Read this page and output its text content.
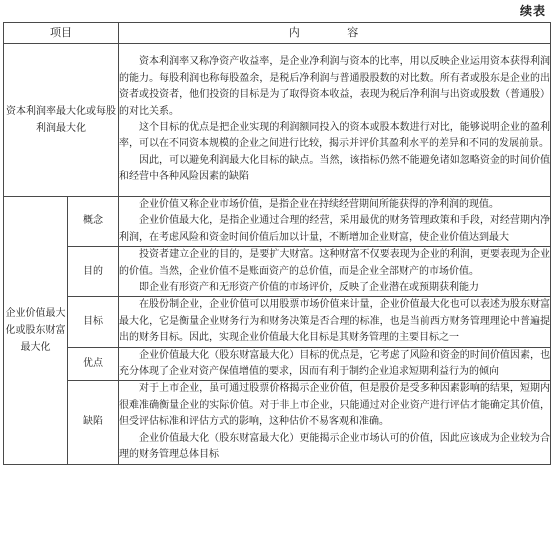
续表
项目		内 容
资本利润率最大化或每股利润最大化		资本利润率又称净资产收益率，是企业净利润与资本的比率，用以反映企业运用资本获得利润的能力。每股利润也称每股盈余，是税后净利润与普通股股数的对比数。所有者或股东是企业的出资者或投资者，他们投资的目标是为了取得资本收益，表现为税后净利润与出资或股数（普通股）的对比关系。

这个目标的优点是把企业实现的利润额同投入的资本或股本数进行对比，能够说明企业的盈利率，可以在不同资本规模的企业之间进行比较，揭示并评价其盈利水平的差异和不同的发展前景。

因此，可以避免利润最大化目标的缺点。当然，该指标仍然不能避免诸如忽略资金的时间价值和经营中各种风险因素的缺陷

企业价值最大化或股东财富最大化	概念	企业价值又称企业市场价值，是指企业在持续经营期间所能获得的净利润的现值。

企业价值最大化，是指企业通过合理的经营，采用最优的财务管理政策和手段，对经营期内净利润，在考虑风险和资金时间价值后加以计量，不断增加企业财富，使企业价值达到最大

	目的	投资者建立企业的目的，是要扩大财富。这种财富不仅要表现为企业的利润，更要表现为企业的价值。当然，企业价值不是账面资产的总价值，而是企业全部财产的市场价值。

即企业有形资产和无形资产价值的市场评价，反映了企业潜在或预期获利能力

	目标	在股份制企业，企业价值可以用股票市场价值来计量，企业价值最大化也可以表述为股东财富最大化，它是衡量企业财务行为和财务决策是否合理的标准，也是当前西方财务管理理论中普遍提出的财务目标。因此，实现企业价值最大化目标是其财务管理的主要目标之一

	优点	企业价值最大化（股东财富最大化）目标的优点是，它考虑了风险和资金的时间价值因素，也充分体现了企业对资产保值增值的要求，因而有利于制约企业追求短期利益行为的倾向

	缺陷	对于上市企业，虽可通过股票价格揭示企业价值，但是股价是受多种因素影响的结果，短期内很难准确衡量企业的实际价值。对于非上市企业，只能通过对企业资产进行评估才能确定其价值，但受评估标准和评估方式的影响，这种估价不易客观和准确。

企业价值最大化（股东财富最大化）更能揭示企业市场认可的价值，因此应该成为企业较为合理的财务管理总体目标
